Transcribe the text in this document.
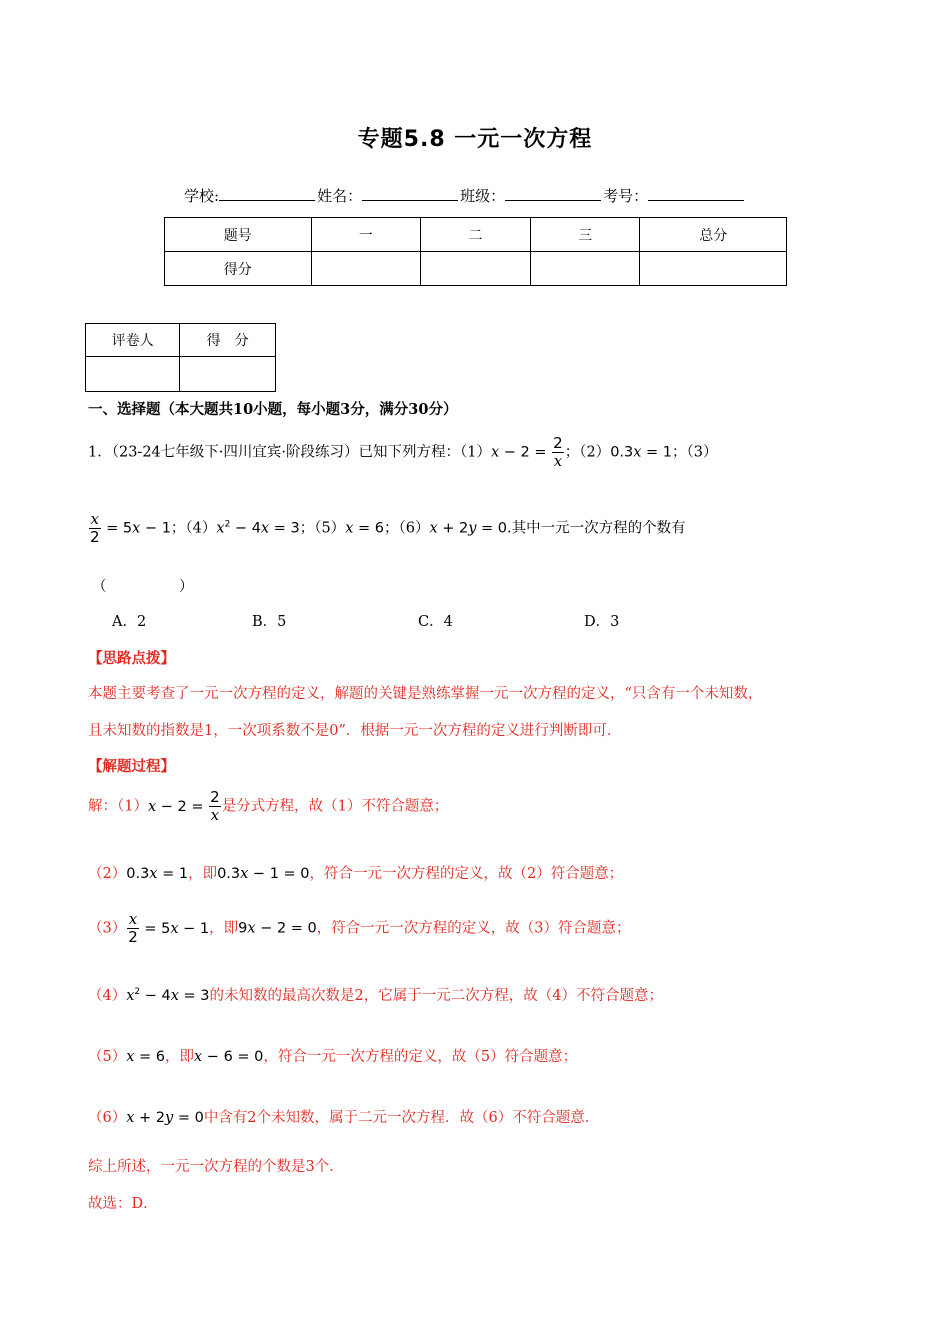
专题5.8 一元一次方程
学校:	姓名：	班级：	考号：
题号	一	二	三	总分
得分				
评卷人	得　分

一、选择题（本大题共10小题，每小题3分，满分30分）
1．（23-24七年级下·四川宜宾·阶段练习）已知下列方程：$(1)x - 2 = \frac{2}{x}$ ；（2）0.3x = 1；（3）
$\frac{x}{2} = 5x - 1$；$(4)x^2 - 4x = 3$；（5）x = 6；（6）x + 2y = 0.其中一元一次方程的个数有
（　　　　　）
A．2	B．5	C．4	D．3
【思路点拨】
本题主要考查了一元一次方程的定义，解题的关键是熟练掌握一元一次方程的定义，“只含有一个未知数，
且未知数的指数是1，一次项系数不是0”．根据一元一次方程的定义进行判断即可．
【解题过程】
解：$(1)x - 2 = \frac{2}{x}$ 是分式方程，故（1）不符合题意；
（2）0.3x = 1，即0.3x − 1 = 0，符合一元一次方程的定义，故（2）符合题意；
$(3) \frac{x}{2} = 5x - 1$，即9x − 2 = 0，符合一元一次方程的定义，故（3）符合题意；
$(4)x^2 - 4x = 3$的未知数的最高次数是2，它属于一元二次方程，故（4）不符合题意；
（5）x = 6，即x − 6 = 0，符合一元一次方程的定义，故（5）符合题意；
（6）x + 2y = 0中含有2个未知数，属于二元一次方程．故（6）不符合题意．
综上所述，一元一次方程的个数是3个．
故选：D．
